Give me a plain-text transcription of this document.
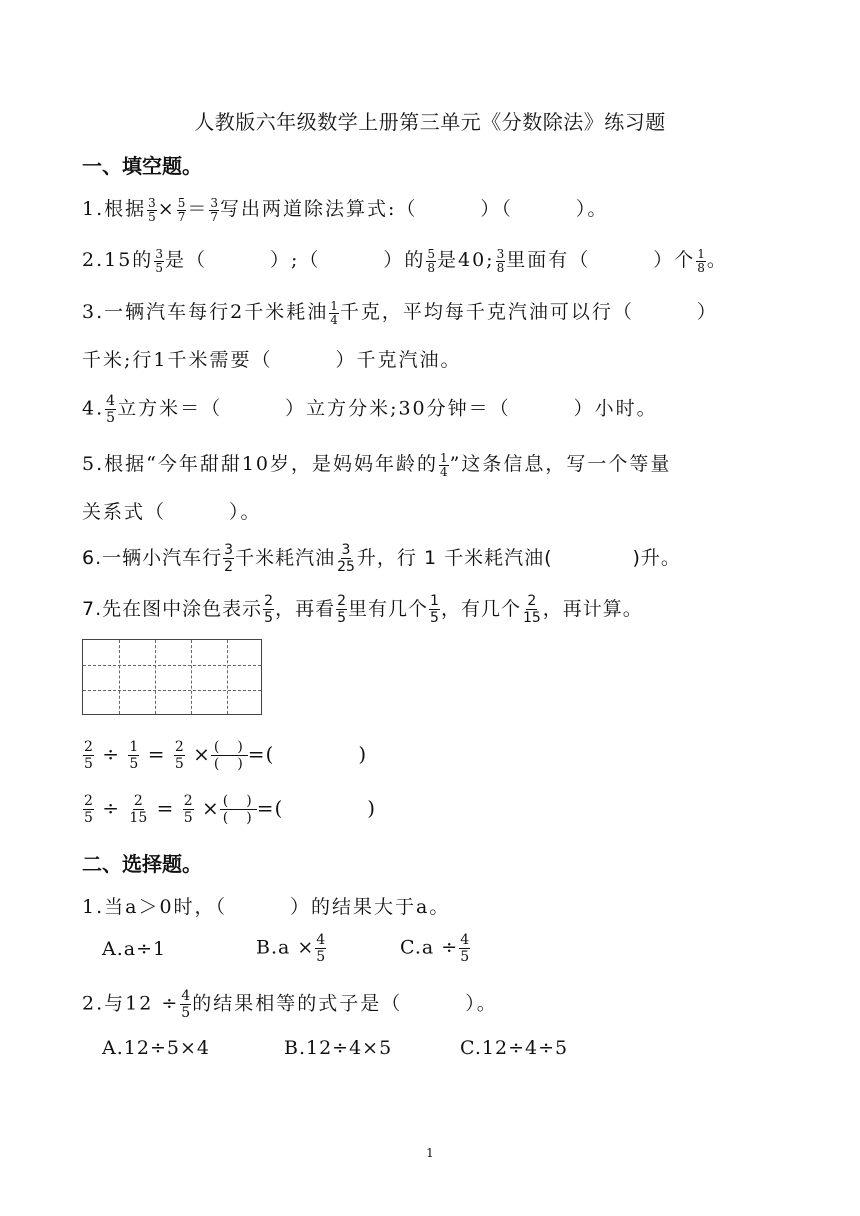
人教版六年级数学上册第三单元《分数除法》练习题
一、填空题。
1.根据 $\frac{3}{5} \times \frac{5}{7} = \frac{3}{7}$ 写出两道除法算式:（　　　）（　　　）。
2.15的 $\frac{3}{5}$ 是（　　　）;（　　　）的 $\frac{5}{8}$ 是40; $\frac{3}{8}$ 里面有（　　　）个 $\frac{1}{8}$ 。
3.一辆汽车每行2千米耗油 $\frac{1}{4}$ 千克，平均每千克汽油可以行（　　　）
千米;行1千米需要（　　　）千克汽油。
4. $\frac{4}{5}$ 立方米＝（　　　）立方分米;30分钟＝（　　　）小时。
5.根据“今年甜甜10岁，是妈妈年龄的 $\frac{1}{4}$ ”这条信息，写一个等量
关系式（　　　）。
6.一辆小汽车行 $\frac{3}{2}$ 千米耗汽油 $\frac{3}{25}$ 升，行 1 千米耗汽油(　　　　)升。
7.先在图中涂色表示 $\frac{2}{5}$ ，再看 $\frac{2}{5}$ 里有几个 $\frac{1}{5}$ ，有几个 $\frac{2}{15}$ ，再计算。
$\frac{2}{5} \div \frac{1}{5} = \frac{2}{5}$ × (　)
(　) =(　　　　)
$\frac{2}{5} \div \frac{2}{15} = \frac{2}{5}$ × (　)
(　) =(　　　　)
二、选择题。
1.当a＞0时，（　　　）的结果大于a。
A.a÷1	$B.a \times \frac{4}{5}$	$C.a \div \frac{4}{5}$
2.与$12 \div \frac{4}{5}$ 的结果相等的式子是（　　　）。
A.12÷5×4	B.12÷4×5	C.12÷4÷5
1
